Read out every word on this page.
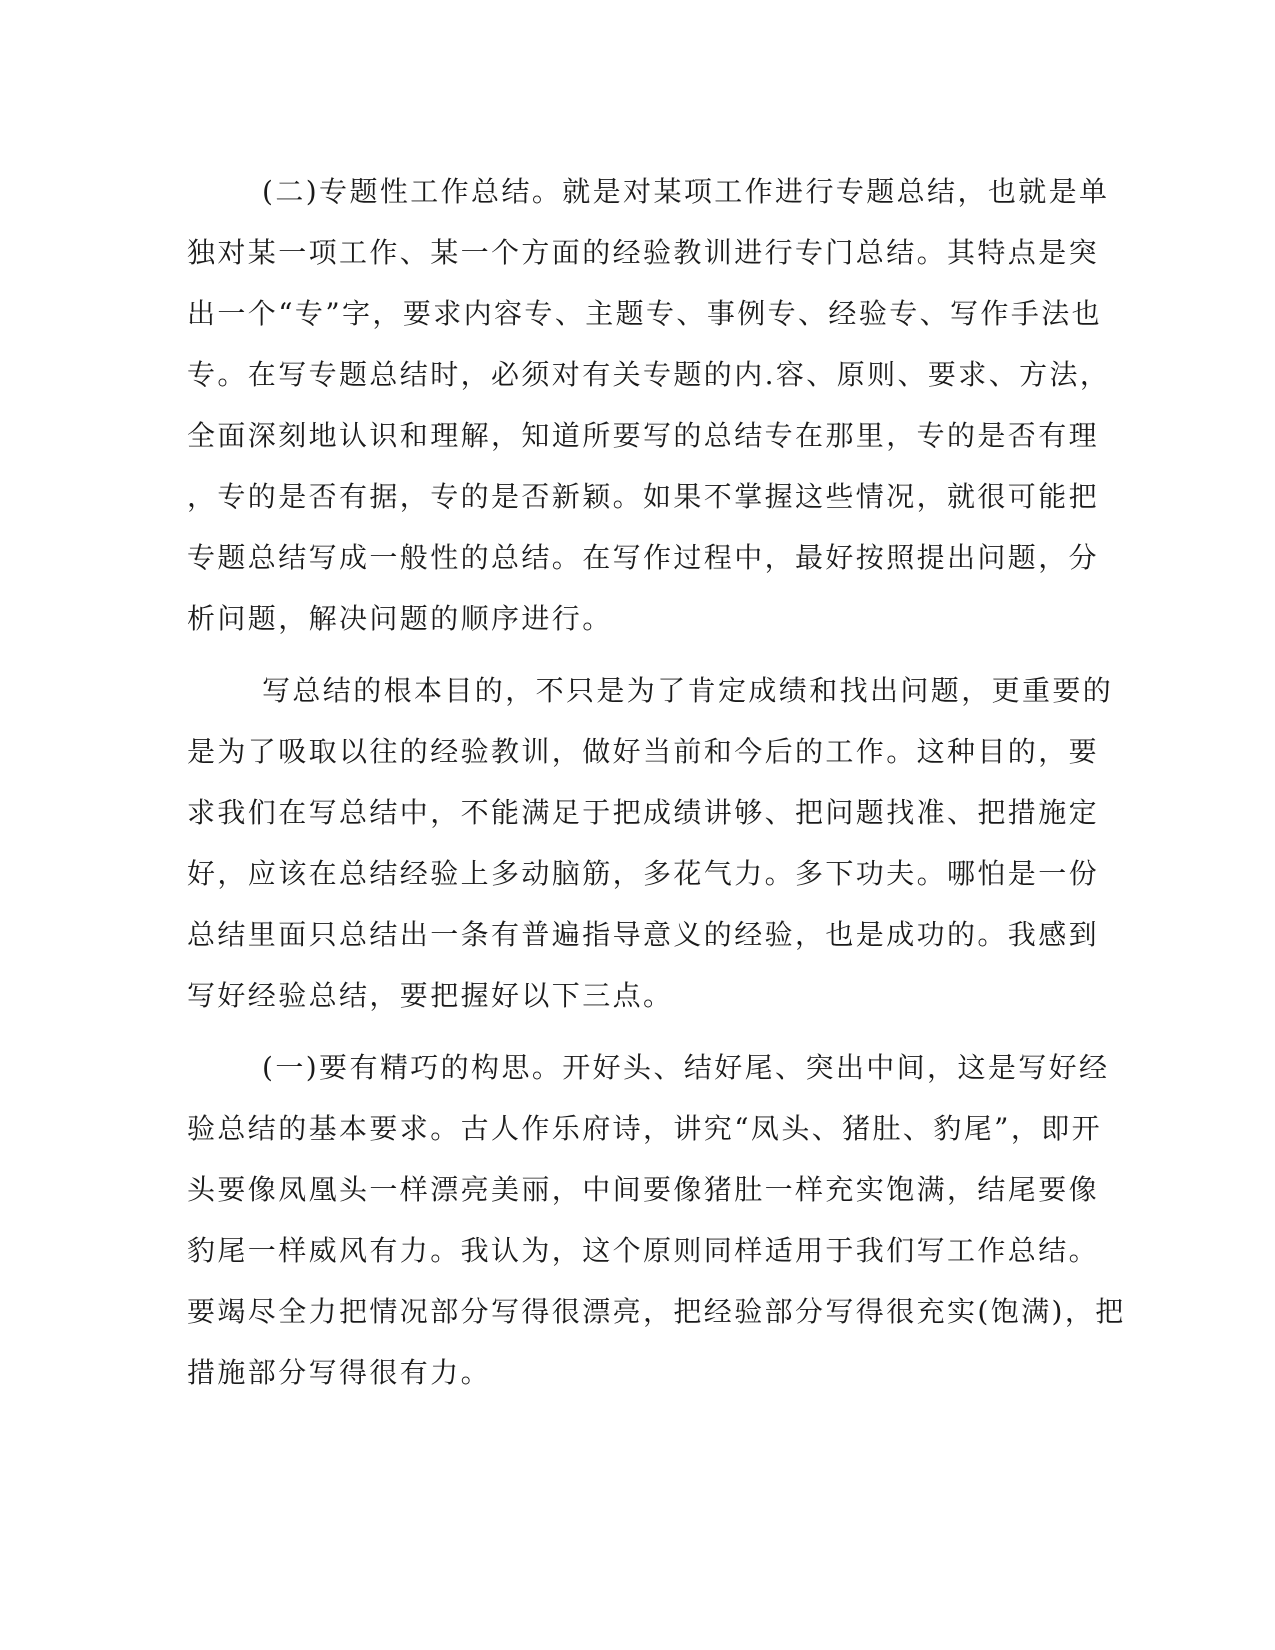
(二)专题性工作总结。就是对某项工作进行专题总结，也就是单
独对某一项工作、某一个方面的经验教训进行专门总结。其特点是突
出一个“专”字，要求内容专、主题专、事例专、经验专、写作手法也
专。在写专题总结时，必须对有关专题的内.容、原则、要求、方法，
全面深刻地认识和理解，知道所要写的总结专在那里，专的是否有理
，专的是否有据，专的是否新颖。如果不掌握这些情况，就很可能把
专题总结写成一般性的总结。在写作过程中，最好按照提出问题，分
析问题，解决问题的顺序进行。
写总结的根本目的，不只是为了肯定成绩和找出问题，更重要的
是为了吸取以往的经验教训，做好当前和今后的工作。这种目的，要
求我们在写总结中，不能满足于把成绩讲够、把问题找准、把措施定
好，应该在总结经验上多动脑筋，多花气力。多下功夫。哪怕是一份
总结里面只总结出一条有普遍指导意义的经验，也是成功的。我感到
写好经验总结，要把握好以下三点。
(一)要有精巧的构思。开好头、结好尾、突出中间，这是写好经
验总结的基本要求。古人作乐府诗，讲究“凤头、猪肚、豹尾”，即开
头要像凤凰头一样漂亮美丽，中间要像猪肚一样充实饱满，结尾要像
豹尾一样威风有力。我认为，这个原则同样适用于我们写工作总结。
要竭尽全力把情况部分写得很漂亮，把经验部分写得很充实(饱满)，把
措施部分写得很有力。
